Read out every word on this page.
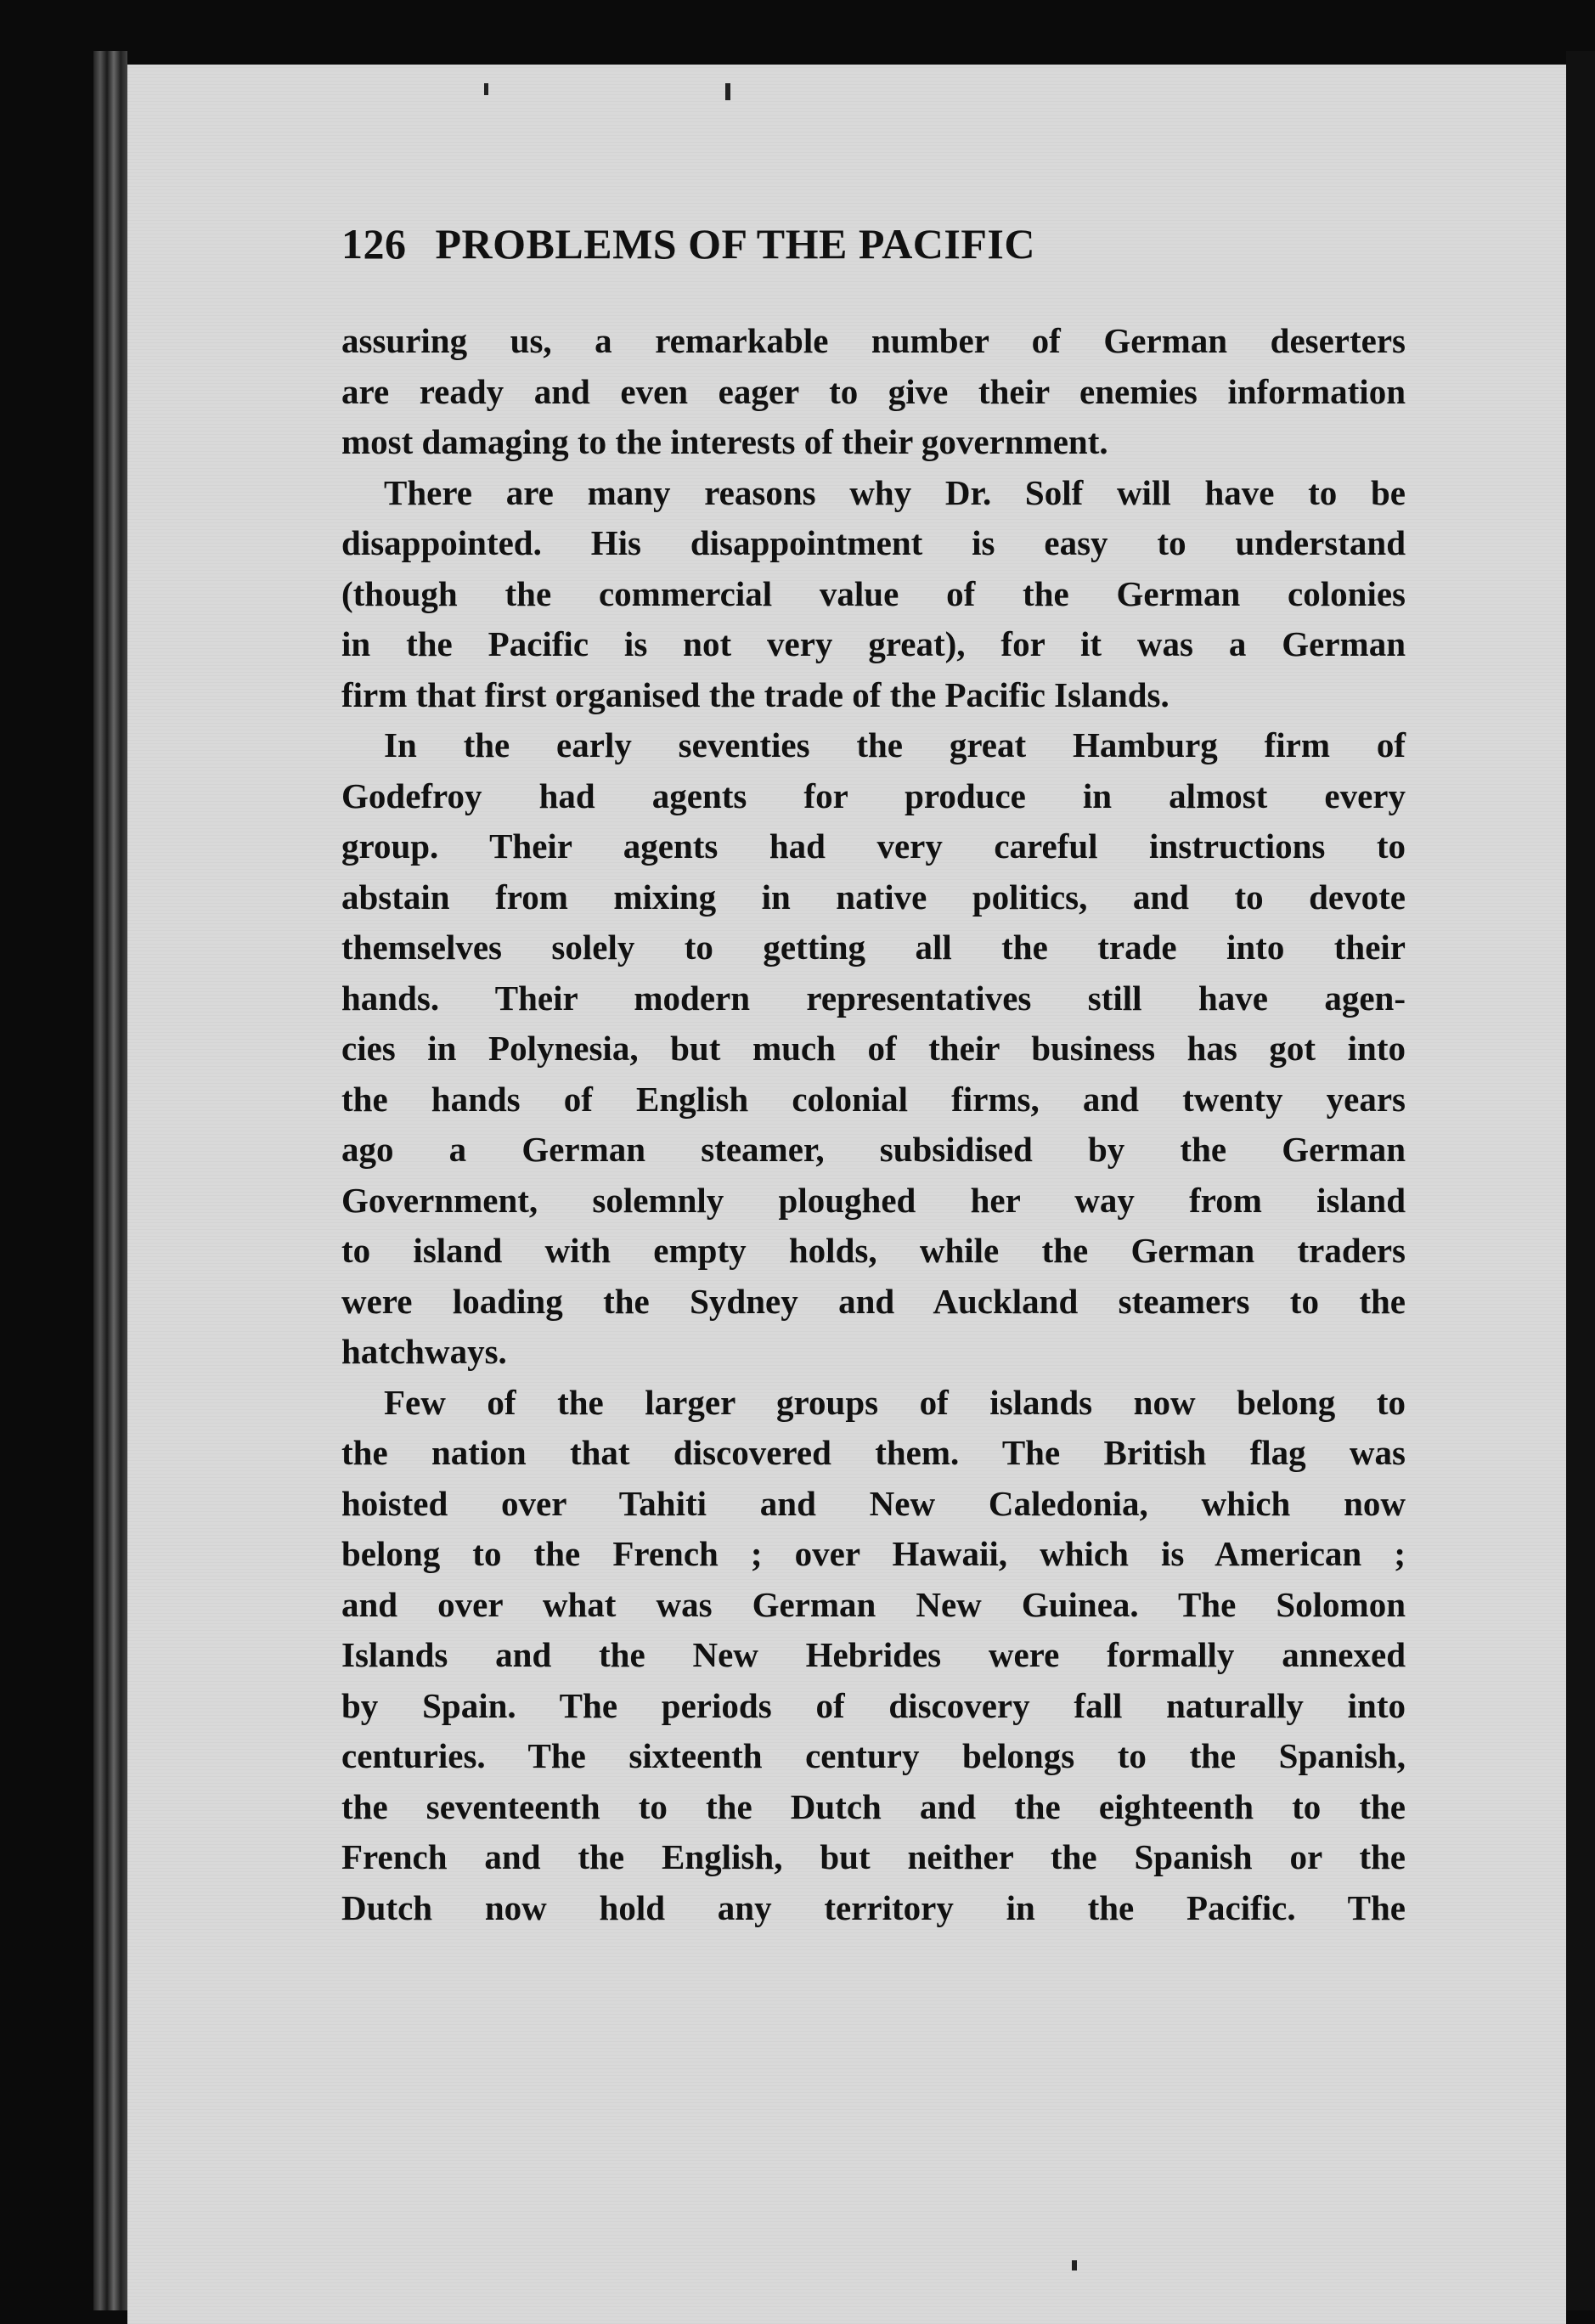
126 PROBLEMS OF THE PACIFIC
assuring us, a remarkable number of German deserters
are ready and even eager to give their enemies information
most damaging to the interests of their government.
There are many reasons why Dr. Solf will have to be
disappointed. His disappointment is easy to understand
(though the commercial value of the German colonies
in the Pacific is not very great), for it was a German
firm that first organised the trade of the Pacific Islands.
In the early seventies the great Hamburg firm of
Godefroy had agents for produce in almost every
group. Their agents had very careful instructions to
abstain from mixing in native politics, and to devote
themselves solely to getting all the trade into their
hands. Their modern representatives still have agen-
cies in Polynesia, but much of their business has got into
the hands of English colonial firms, and twenty years
ago a German steamer, subsidised by the German
Government, solemnly ploughed her way from island
to island with empty holds, while the German traders
were loading the Sydney and Auckland steamers to the
hatchways.
Few of the larger groups of islands now belong to
the nation that discovered them. The British flag was
hoisted over Tahiti and New Caledonia, which now
belong to the French ; over Hawaii, which is American ;
and over what was German New Guinea. The Solomon
Islands and the New Hebrides were formally annexed
by Spain. The periods of discovery fall naturally into
centuries. The sixteenth century belongs to the Spanish,
the seventeenth to the Dutch and the eighteenth to the
French and the English, but neither the Spanish or the
Dutch now hold any territory in the Pacific. The
